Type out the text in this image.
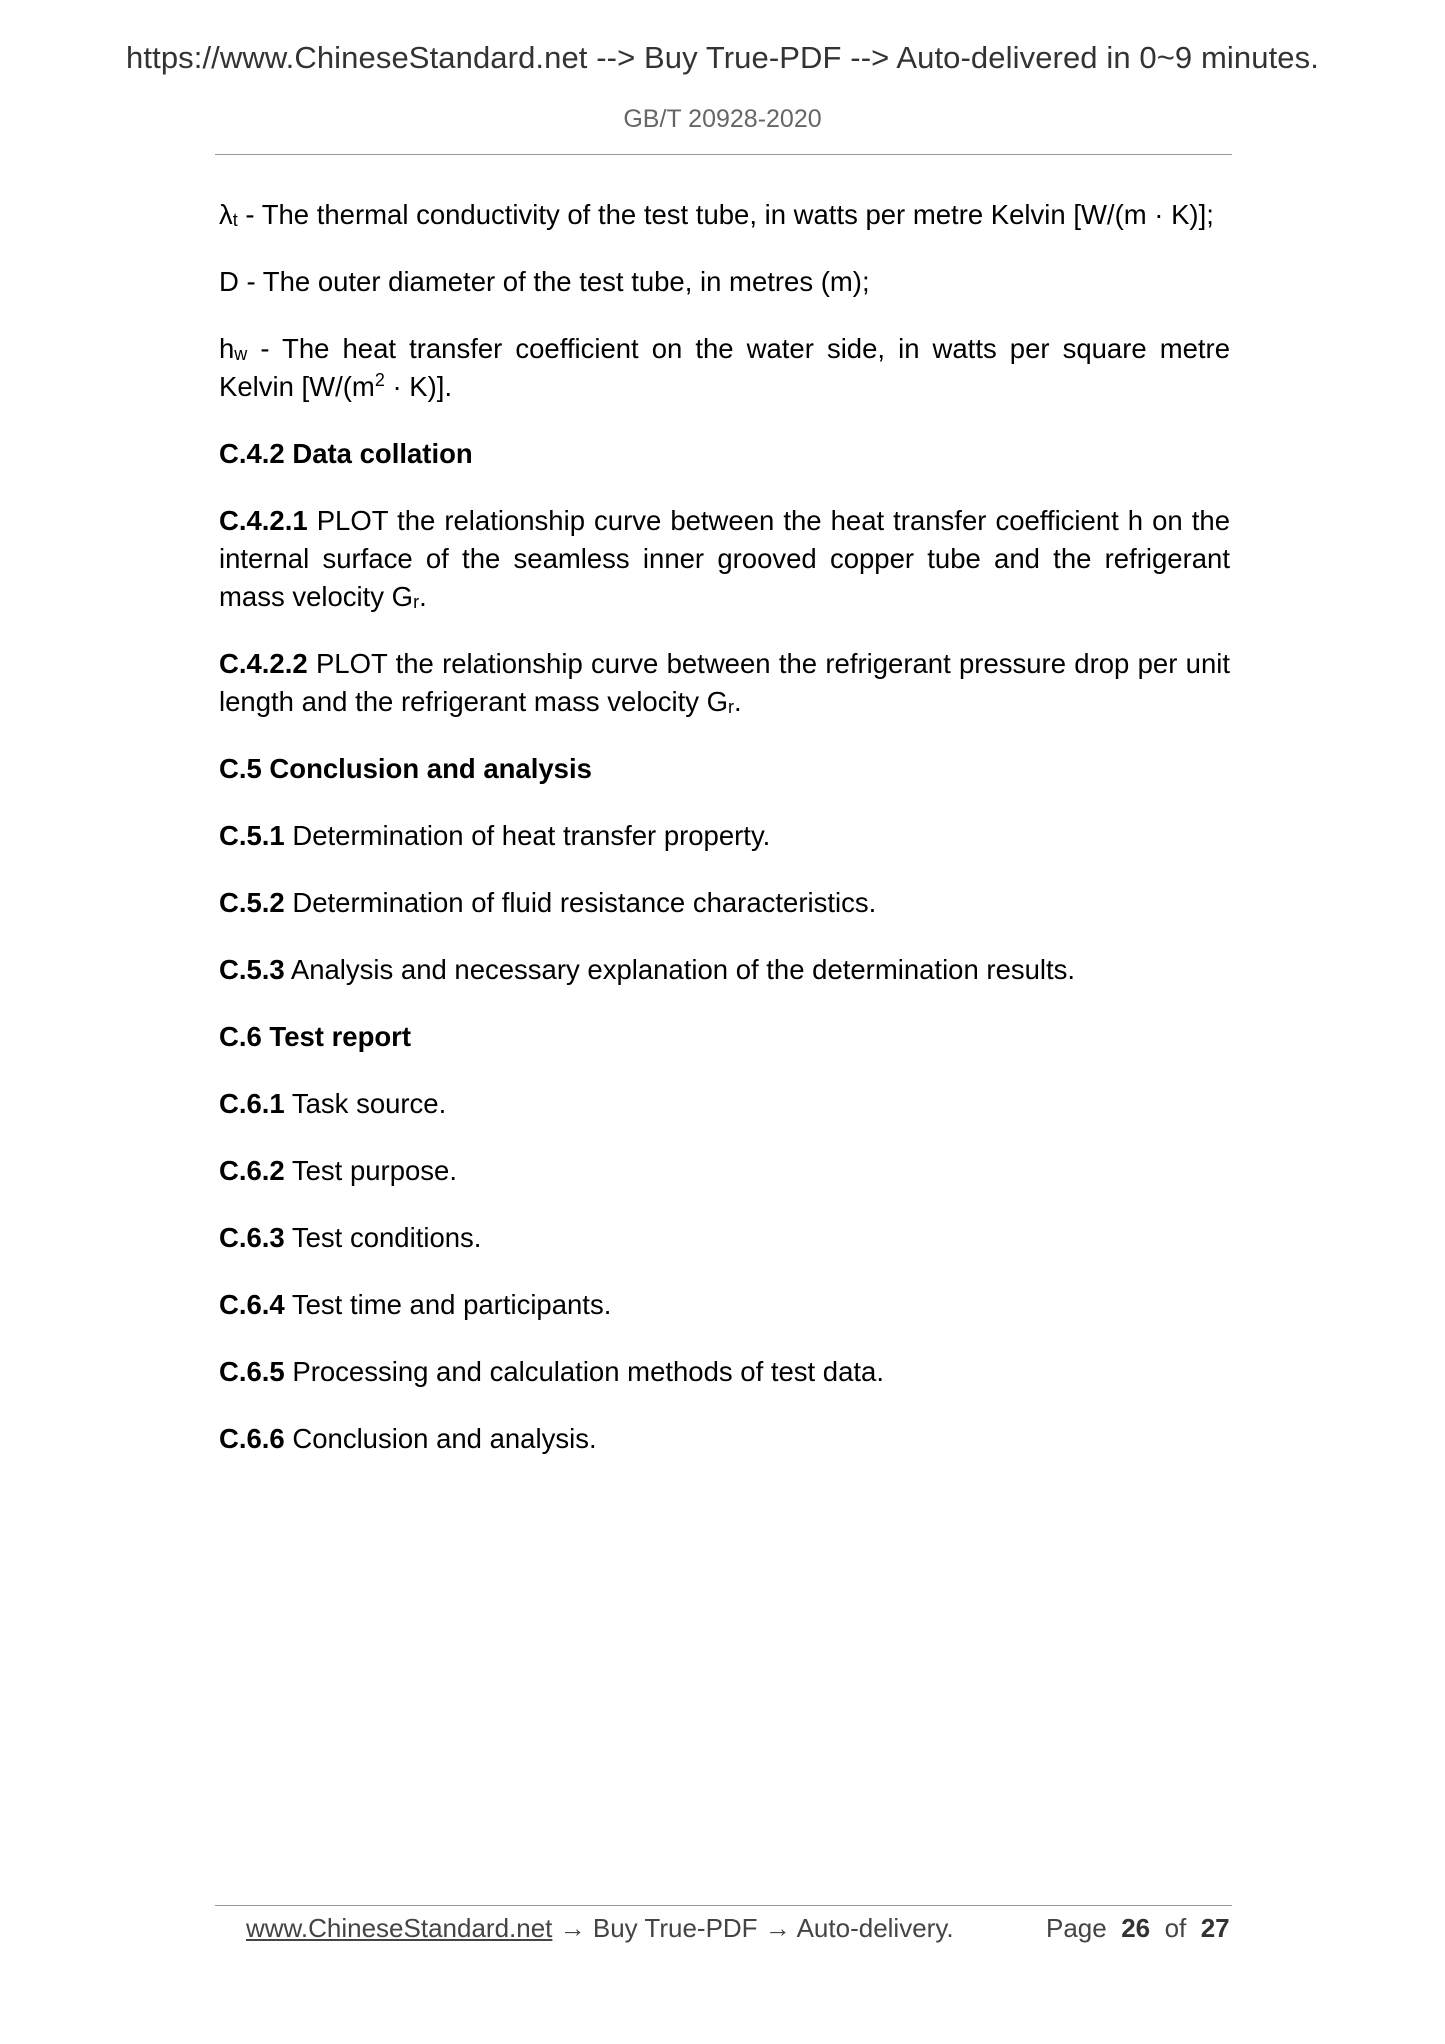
https://www.ChineseStandard.net --> Buy True-PDF --> Auto-delivered in 0~9 minutes.
GB/T 20928-2020

$\lambda_t$ - The thermal conductivity of the test tube, in watts per metre Kelvin [W/(m · K)];

D - The outer diameter of the test tube, in metres (m);

$h_w$ - The heat transfer coefficient on the water side, in watts per square metre Kelvin $[W/(m^2 \cdot K)]$.

C.4.2 Data collation

C.4.2.1 PLOT the relationship curve between the heat transfer coefficient h on the internal surface of the seamless inner grooved copper tube and the refrigerant mass velocity $G_r$.

C.4.2.2 PLOT the relationship curve between the refrigerant pressure drop per unit length and the refrigerant mass velocity $G_r$.

C.5 Conclusion and analysis

C.5.1 Determination of heat transfer property.

C.5.2 Determination of fluid resistance characteristics.

C.5.3 Analysis and necessary explanation of the determination results.

C.6 Test report

C.6.1 Task source.

C.6.2 Test purpose.

C.6.3 Test conditions.

C.6.4 Test time and participants.

C.6.5 Processing and calculation methods of test data.

C.6.6 Conclusion and analysis.

www.ChineseStandard.net → Buy True-PDF → Auto-delivery.	Page 26 of 27
